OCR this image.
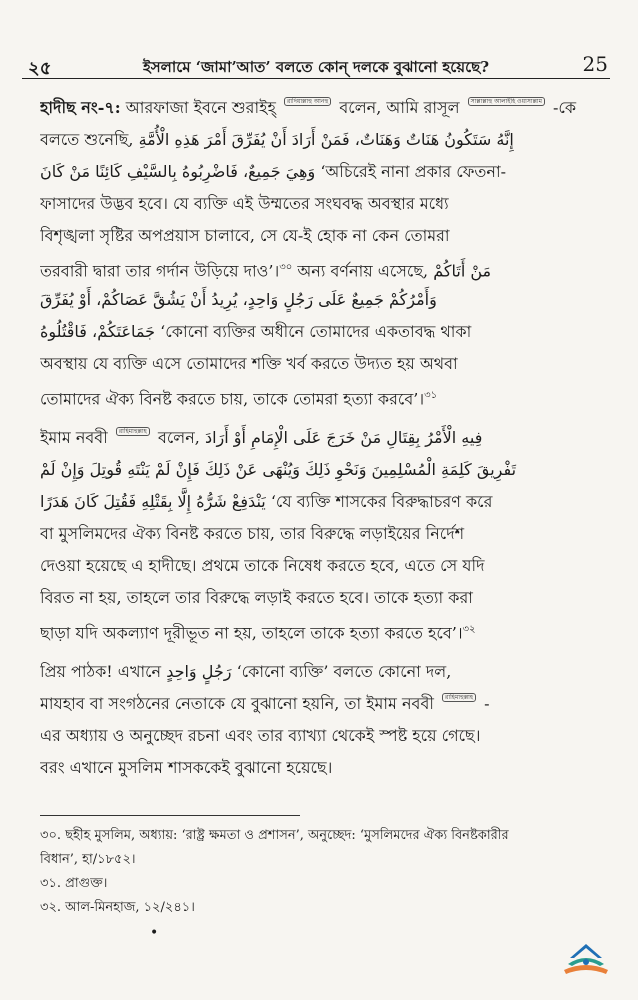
২৫	ইসলামে ‘জামা’আত’ বলতে কোন্ দলকে বুঝানো হয়েছে?	25
হাদীছ নং-৭: আরফাজা ইবনে শুরাইহ্ রাদিয়াল্লাহু আনহু বলেন, আমি রাসূল সাল্লাল্লাহু আলাইহি ওয়াসাল্লাম -কে
বলতে শুনেছি, إِنَّهُ سَتَكُونُ هَنَاتٌ وَهَنَاتٌ، فَمَنْ أَرَادَ أَنْ يُفَرِّقَ أَمْرَ هَذِهِ الْأُمَّةِ
وَهِيَ جَمِيعٌ، فَاضْرِبُوهُ بِالسَّيْفِ كَائِنًا مَنْ كَانَ ‘অচিরেই নানা প্রকার ফেতনা-
ফাসাদের উদ্ভব হবে। যে ব্যক্তি এই উম্মতের সংঘবদ্ধ অবস্থার মধ্যে
বিশৃঙ্খলা সৃষ্টির অপপ্রয়াস চালাবে, সে যে-ই হোক না কেন তোমরা
তরবারী দ্বারা তার গর্দান উড়িয়ে দাও’।$^{৩০}$ অন্য বর্ণনায় এসেছে, مَنْ أَتَاكُمْ
وَأَمْرُكُمْ جَمِيعٌ عَلَى رَجُلٍ وَاحِدٍ، يُرِيدُ أَنْ يَشُقَّ عَصَاكُمْ، أَوْ يُفَرِّقَ
جَمَاعَتَكُمْ، فَاقْتُلُوهُ ‘কোনো ব্যক্তির অধীনে তোমাদের একতাবদ্ধ থাকা
অবস্থায় যে ব্যক্তি এসে তোমাদের শক্তি খর্ব করতে উদ্যত হয় অথবা
তোমাদের ঐক্য বিনষ্ট করতে চায়, তাকে তোমরা হত্যা করবে’।$^{৩১}$
ইমাম নববী রাহিমাহুল্লাহ বলেন, فِيهِ الْأَمْرُ بِقِتَالِ مَنْ خَرَجَ عَلَى الْإِمَامِ أَوْ أَرَادَ
تَفْرِيقَ كَلِمَةِ الْمُسْلِمِينَ وَنَحْوِ ذَلِكَ وَيُنْهَى عَنْ ذَلِكَ فَإِنْ لَمْ يَنْتَهِ قُوتِلَ وَإِنْ لَمْ
يَنْدَفِعْ شَرُّهُ إِلَّا بِقَتْلِهِ فَقُتِلَ كَانَ هَدَرًا ‘যে ব্যক্তি শাসকের বিরুদ্ধাচরণ করে
বা মুসলিমদের ঐক্য বিনষ্ট করতে চায়, তার বিরুদ্ধে লড়াইয়ের নির্দেশ
দেওয়া হয়েছে এ হাদীছে। প্রথমে তাকে নিষেধ করতে হবে, এতে সে যদি
বিরত না হয়, তাহলে তার বিরুদ্ধে লড়াই করতে হবে। তাকে হত্যা করা
ছাড়া যদি অকল্যাণ দূরীভূত না হয়, তাহলে তাকে হত্যা করতে হবে’।$^{৩২}$
প্রিয় পাঠক! এখানে رَجُلٍ وَاحِدٍ ‘কোনো ব্যক্তি’ বলতে কোনো দল,
মাযহাব বা সংগঠনের নেতাকে যে বুঝানো হয়নি, তা ইমাম নববী রাহিমাহুল্লাহ -
এর অধ্যায় ও অনুচ্ছেদ রচনা এবং তার ব্যাখ্যা থেকেই স্পষ্ট হয়ে গেছে।
বরং এখানে মুসলিম শাসককেই বুঝানো হয়েছে।
৩০. ছহীহ মুসলিম, অধ্যায়: ‘রাষ্ট্র ক্ষমতা ও প্রশাসন’, অনুচ্ছেদ: ‘মুসলিমদের ঐক্য বিনষ্টকারীর
বিধান’, হা/১৮৫২।
৩১. প্রাগুক্ত।
৩২. আল-মিনহাজ, ১২/২৪১।
•
